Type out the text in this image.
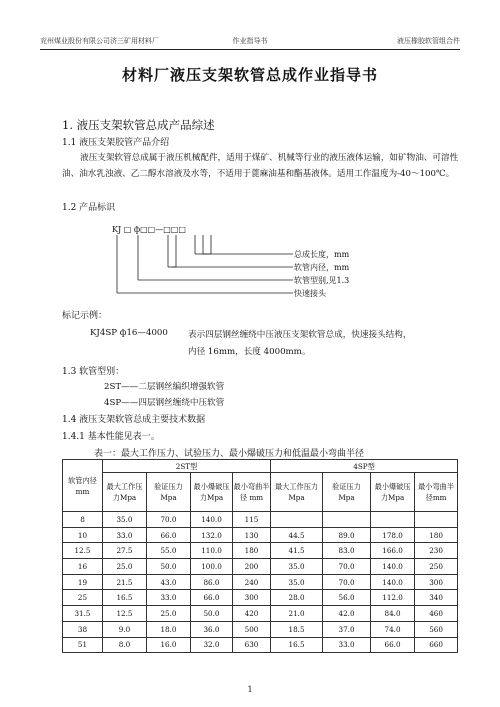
兖州煤业股份有限公司济三矿用材料厂	作业指导书	液压橡胶软管组合件
材料厂液压支架软管总成作业指导书
1. 液压支架软管总成产品综述
1.1 液压支架胶管产品介绍
液压支架软管总成属于液压机械配件，适用于煤矿、机械等行业的液压液体运输，如矿物油、可溶性油、油水乳浊液、乙二醇水溶液及水等，不适用于蓖麻油基和酯基液体。适用工作温度为-40～100℃。
1.2 产品标识
KJ □ ф□□—□□□
总成长度，mm
软管内径，mm
软管型别,见1.3
快速接头
标记示例：
KJ4SP ф16—4000 表示四层钢丝缠绕中压液压支架软管总成，快速接头结构，
内径 16mm，长度 4000mm。
1.3 软管型别：
2ST——二层钢丝编织增强软管
4SP——四层钢丝缠绕中压软管
1.4 液压支架软管总成主要技术数据
1.4.1 基本性能见表一。
表一：最大工作压力、试验压力、最小爆破压力和低温最小弯曲半径
软管内径 mm	2ST型				4SP型			
	最大工作压力Mpa	验证压力 Mpa	最小爆破压力Mpa	最小弯曲半径 mm	最大工作压力Mpa	验证压力 Mpa	最小爆破压力Mpa	最小弯曲半径mm
8	35.0	70.0	140.0	115				
10	33.0	66.0	132.0	130	44.5	89.0	178.0	180
12.5	27.5	55.0	110.0	180	41.5	83.0	166.0	230
16	25.0	50.0	100.0	200	35.0	70.0	140.0	250
19	21.5	43.0	86.0	240	35.0	70.0	140.0	300
25	16.5	33.0	66.0	300	28.0	56.0	112.0	340
31.5	12.5	25.0	50.0	420	21.0	42.0	84.0	460
38	9.0	18.0	36.0	500	18.5	37.0	74.0	560
51	8.0	16.0	32.0	630	16.5	33.0	66.0	660
1
